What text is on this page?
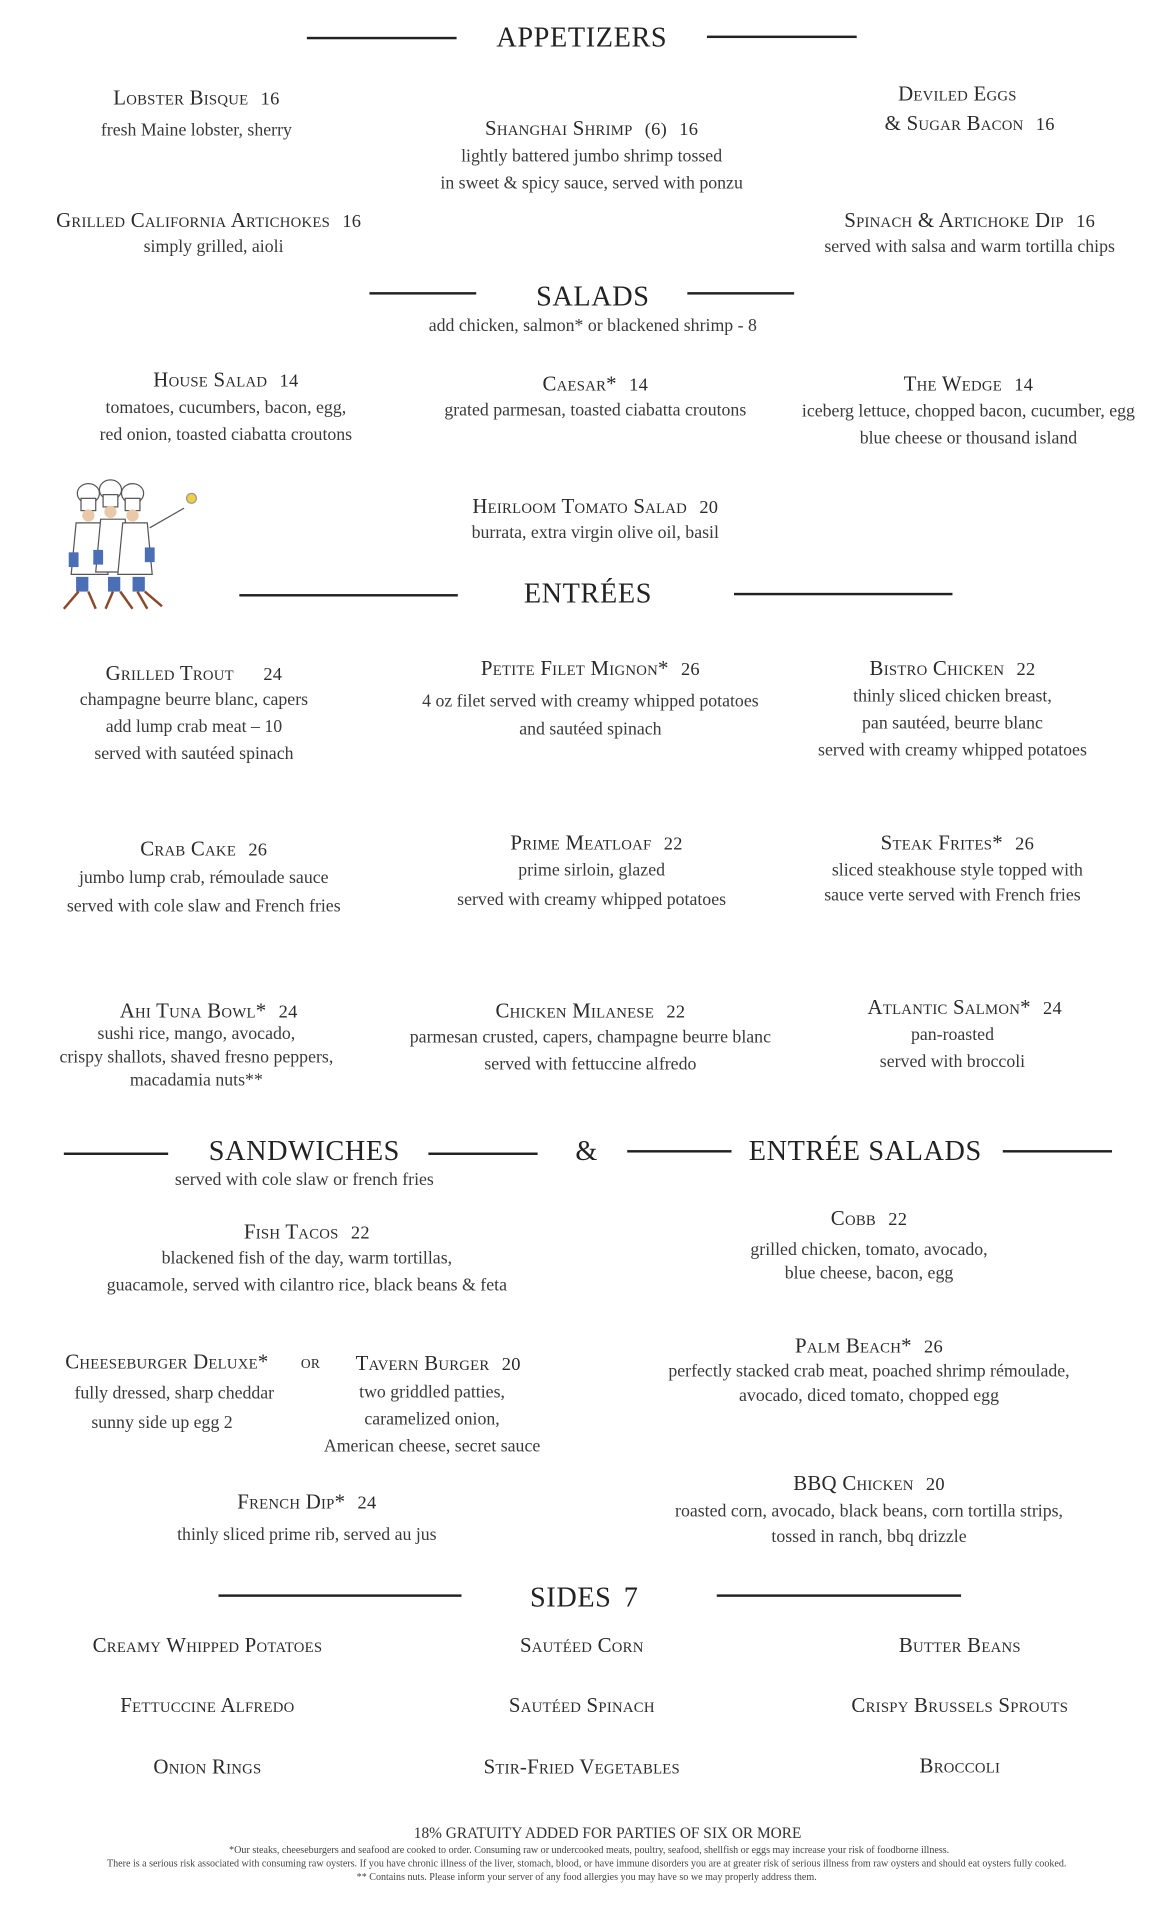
APPETIZERS
Lobster Bisque 16
fresh Maine lobster, sherry	Shanghai Shrimp (6) 16
lightly battered jumbo shrimp tossed
in sweet & spicy sauce, served with ponzu
Deviled Eggs
& Sugar Bacon 16
Grilled California Artichokes 16
simply grilled, aioli
Spinach & Artichoke Dip 16
served with salsa and warm tortilla chips
SALADS
add chicken, salmon* or blackened shrimp - 8
House Salad 14
tomatoes, cucumbers, bacon, egg,
red onion, toasted ciabatta croutons
Caesar* 14
grated parmesan, toasted ciabatta croutons
The Wedge 14
iceberg lettuce, chopped bacon, cucumber, egg
blue cheese or thousand island
Heirloom Tomato Salad 20
burrata, extra virgin olive oil, basil
ENTRÉES
Grilled Trout 24
champagne beurre blanc, capers
add lump crab meat – 10
served with sautéed spinach
Petite Filet Mignon* 26
4 oz filet served with creamy whipped potatoes
and sautéed spinach
Bistro Chicken 22
thinly sliced chicken breast,
pan sautéed, beurre blanc
served with creamy whipped potatoes
Crab Cake 26
jumbo lump crab, rémoulade sauce
served with cole slaw and French fries
Prime Meatloaf 22
prime sirloin, glazed
served with creamy whipped potatoes
Steak Frites* 26
sliced steakhouse style topped with
sauce verte served with French fries
Ahi Tuna Bowl* 24
sushi rice, mango, avocado,
crispy shallots, shaved fresno peppers,
macadamia nuts**
Chicken Milanese 22
parmesan crusted, capers, champagne beurre blanc
served with fettuccine alfredo
Atlantic Salmon* 24
pan-roasted
served with broccoli
SANDWICHES	&	ENTRÉE SALADS
served with cole slaw or french fries
Fish Tacos 22
blackened fish of the day, warm tortillas,
guacamole, served with cilantro rice, black beans & feta
Cheeseburger Deluxe*
fully dressed, sharp cheddar
sunny side up egg 2
or Tavern Burger 20
two griddled patties,
caramelized onion,
American cheese, secret sauce
French Dip* 24
thinly sliced prime rib, served au jus
Cobb 22
grilled chicken, tomato, avocado,
blue cheese, bacon, egg
Palm Beach* 26
perfectly stacked crab meat, poached shrimp rémoulade,
avocado, diced tomato, chopped egg
BBQ Chicken 20
roasted corn, avocado, black beans, corn tortilla strips,
tossed in ranch, bbq drizzle
SIDES 7
Creamy Whipped Potatoes	Sautéed Corn	Butter Beans
Fettuccine Alfredo	Sautéed Spinach	Crispy Brussels Sprouts
Onion Rings	Stir-Fried Vegetables	Broccoli
18% GRATUITY ADDED FOR PARTIES OF SIX OR MORE
*Our steaks, cheeseburgers and seafood are cooked to order. Consuming raw or undercooked meats, poultry, seafood, shellfish or eggs may increase your risk of foodborne illness.
There is a serious risk associated with consuming raw oysters. If you have chronic illness of the liver, stomach, blood, or have immune disorders you are at greater risk of serious illness from raw oysters and should eat oysters fully cooked.
** Contains nuts. Please inform your server of any food allergies you may have so we may properly address them.
